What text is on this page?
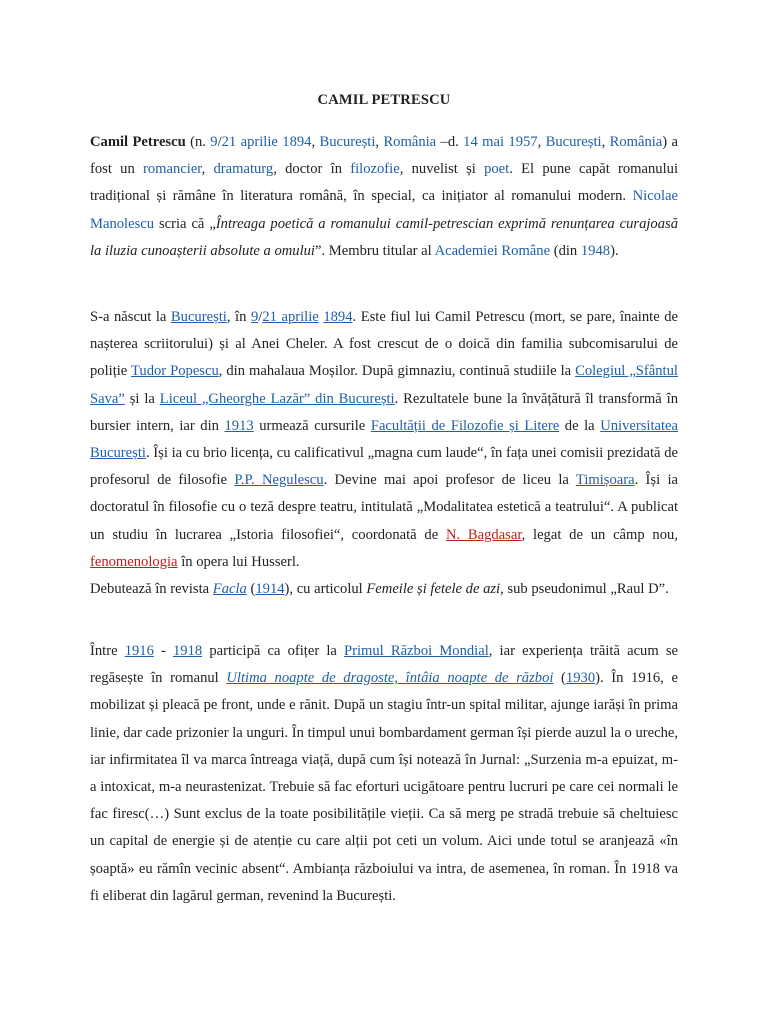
CAMIL PETRESCU
Camil Petrescu (n. 9/21 aprilie 1894, București, România –d. 14 mai 1957, București, România) a fost un romancier, dramaturg, doctor în filozofie, nuvelist și poet. El pune capăt romanului tradițional și rămâne în literatura română, în special, ca inițiator al romanului modern. Nicolae Manolescu scria că „Întreaga poetică a romanului camil-petrescian exprimă renunțarea curajoasă la iluzia cunoașterii absolute a omului”. Membru titular al Academiei Române (din 1948).
S-a născut la București, în 9/21 aprilie 1894. Este fiul lui Camil Petrescu (mort, se pare, înainte de nașterea scriitorului) și al Anei Cheler. A fost crescut de o doică din familia subcomisarului de poliție Tudor Popescu, din mahalaua Moșilor. După gimnaziu, continuă studiile la Colegiul „Sfântul Sava” și la Liceul „Gheorghe Lazăr” din București. Rezultatele bune la învățătură îl transformă în bursier intern, iar din 1913 urmează cursurile Facultății de Filozofie și Litere de la Universitatea București. Își ia cu brio licența, cu calificativul „magna cum laude“, în fața unei comisii prezidată de profesorul de filosofie P.P. Negulescu. Devine mai apoi profesor de liceu la Timișoara. Își ia doctoratul în filosofie cu o teză despre teatru, intitulată „Modalitatea estetică a teatrului“. A publicat un studiu în lucrarea „Istoria filosofiei“, coordonată de N. Bagdasar, legat de un câmp nou, fenomenologia în opera lui Husserl.
Debutează în revista Facla (1914), cu articolul Femeile și fetele de azi, sub pseudonimul „Raul D”.
Între 1916 - 1918 participă ca ofițer la Primul Război Mondial, iar experiența trăită acum se regăsește în romanul Ultima noapte de dragoste, întâia noapte de război (1930). În 1916, e mobilizat și pleacă pe front, unde e rănit. După un stagiu într-un spital militar, ajunge iarăși în prima linie, dar cade prizonier la unguri. În timpul unui bombardament german își pierde auzul la o ureche, iar infirmitatea îl va marca întreaga viață, după cum își notează în Jurnal: „Surzenia m-a epuizat, m-a intoxicat, m-a neurastenizat. Trebuie să fac eforturi ucigătoare pentru lucruri pe care cei normali le fac firesc(…) Sunt exclus de la toate posibilitățile vieții. Ca să merg pe stradă trebuie să cheltuiesc un capital de energie și de atenție cu care alții pot ceti un volum. Aici unde totul se aranjează «în șoaptă» eu rămîn vecinic absent“. Ambianța războiului va intra, de asemenea, în roman. În 1918 va fi eliberat din lagărul german, revenind la București.
